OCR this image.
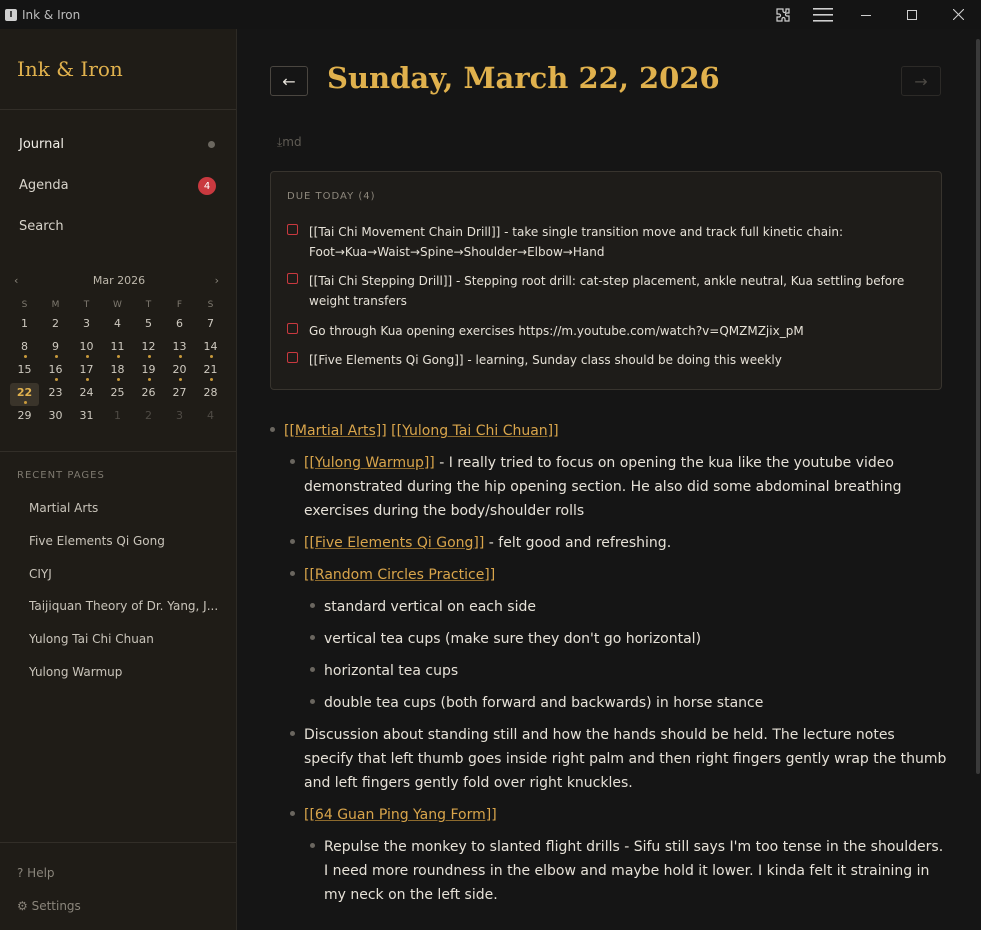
I Ink & Iron
Ink & Iron
Journal
Agenda	4
Search
‹	Mar 2026	›
S	M	T	W	T	F	S
1	2	3	4	5	6	7
8	9	10	11	12	13	14
15	16	17	18	19	20	21
22	23	24	25	26	27	28
29	30	31	1	2	3	4
RECENT PAGES
Martial Arts
Five Elements Qi Gong
CIYJ
Taijiquan Theory of Dr. Yang, J...
Yulong Tai Chi Chuan
Yulong Warmup
? Help
⚙ Settings
←	Sunday, March 22, 2026	→
⤓md
DUE TODAY (4)
[[Tai Chi Movement Chain Drill]] - take single transition move and track full kinetic chain: Foot→Kua→Waist→Spine→Shoulder→Elbow→Hand
[[Tai Chi Stepping Drill]] - Stepping root drill: cat-step placement, ankle neutral, Kua settling before weight transfers
Go through Kua opening exercises https://m.youtube.com/watch?v=QMZMZjix_pM
[[Five Elements Qi Gong]] - learning, Sunday class should be doing this weekly
[[Martial Arts]] [[Yulong Tai Chi Chuan]]
[[Yulong Warmup]] - I really tried to focus on opening the kua like the youtube video demonstrated during the hip opening section. He also did some abdominal breathing exercises during the body/shoulder rolls
[[Five Elements Qi Gong]] - felt good and refreshing.
[[Random Circles Practice]]
standard vertical on each side
vertical tea cups (make sure they don't go horizontal)
horizontal tea cups
double tea cups (both forward and backwards) in horse stance
Discussion about standing still and how the hands should be held. The lecture notes specify that left thumb goes inside right palm and then right fingers gently wrap the thumb and left fingers gently fold over right knuckles.
[[64 Guan Ping Yang Form]]
Repulse the monkey to slanted flight drills - Sifu still says I'm too tense in the shoulders. I need more roundness in the elbow and maybe hold it lower. I kinda felt it straining in my neck on the left side.
